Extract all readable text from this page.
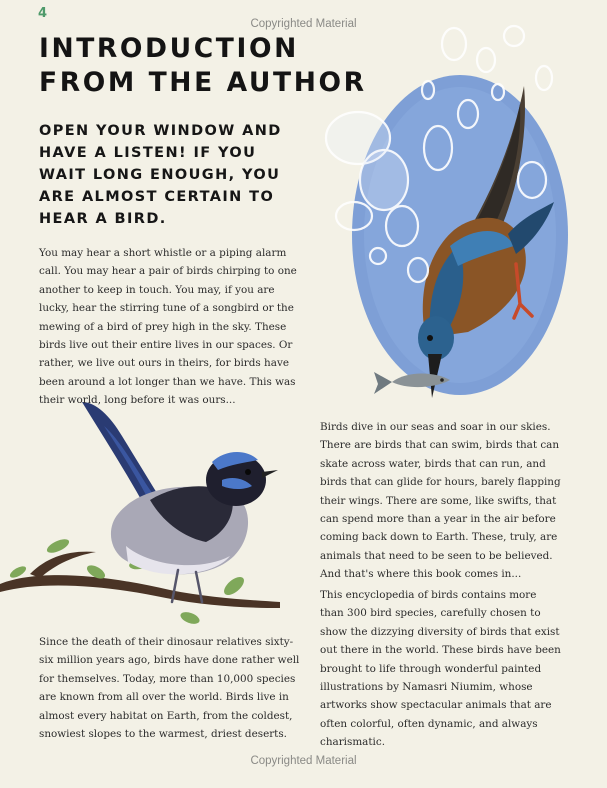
4
Copyrighted Material
INTRODUCTION
FROM THE AUTHOR

OPEN YOUR WINDOW AND
HAVE A LISTEN! IF YOU
WAIT LONG ENOUGH, YOU
ARE ALMOST CERTAIN TO
HEAR A BIRD.

You may hear a short whistle or a piping alarm
call. You may hear a pair of birds chirping to one
another to keep in touch. You may, if you are
lucky, hear the stirring tune of a songbird or the
mewing of a bird of prey high in the sky. These
birds live out their entire lives in our spaces. Or
rather, we live out ours in theirs, for birds have
been around a lot longer than we have. This was
their world, long before it was ours...

Birds dive in our seas and soar in our skies.
There are birds that can swim, birds that can
skate across water, birds that can run, and
birds that can glide for hours, barely flapping
their wings. There are some, like swifts, that
can spend more than a year in the air before
coming back down to Earth. These, truly, are
animals that need to be seen to be believed.
And that's where this book comes in...

This encyclopedia of birds contains more
than 300 bird species, carefully chosen to
show the dizzying diversity of birds that exist
out there in the world. These birds have been
brought to life through wonderful painted
illustrations by Namasri Niumim, whose
artworks show spectacular animals that are
often colorful, often dynamic, and always
charismatic.

Since the death of their dinosaur relatives sixty-
six million years ago, birds have done rather well
for themselves. Today, more than 10,000 species
are known from all over the world. Birds live in
almost every habitat on Earth, from the coldest,
snowiest slopes to the warmest, driest deserts.

Copyrighted Material
